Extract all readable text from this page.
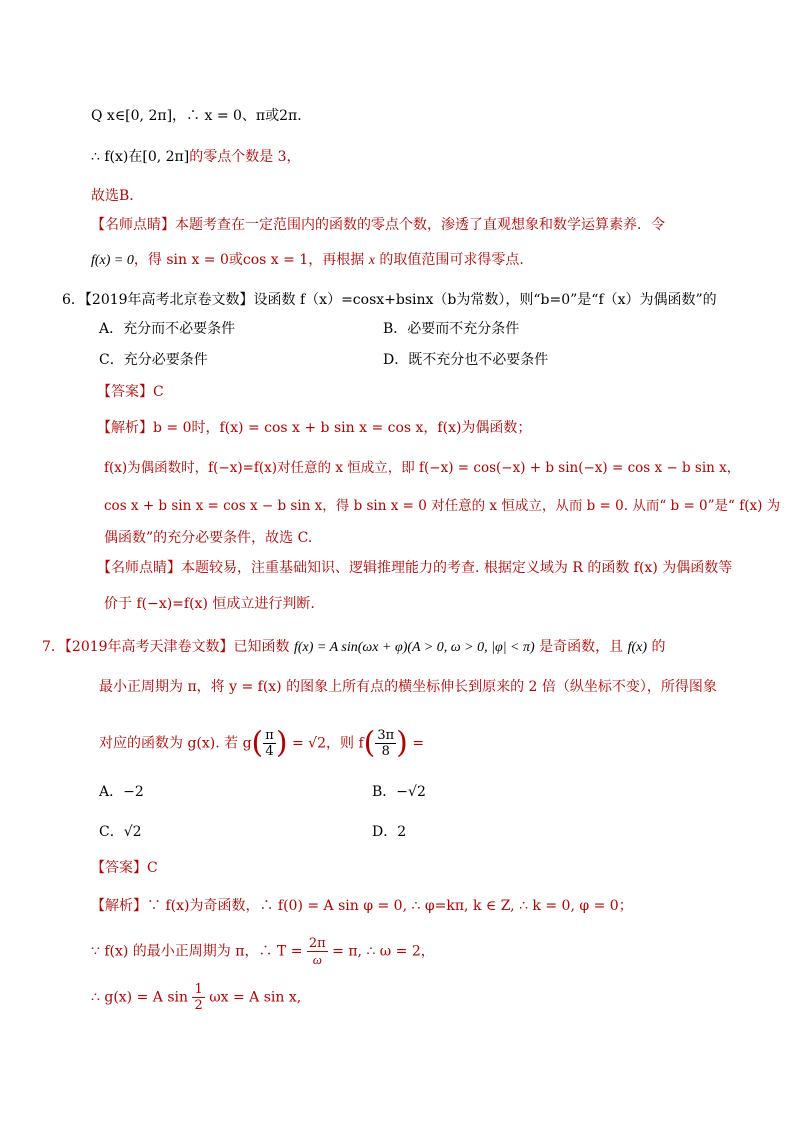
Q x∈[0, 2π]，∴ x = 0、π或2π．
∴ f(x)在[0, 2π]的零点个数是 3，
故选B．
【名师点睛】本题考查在一定范围内的函数的零点个数，渗透了直观想象和数学运算素养．令
f(x) = 0，得 sin x = 0或cos x = 1，再根据 x 的取值范围可求得零点.
6．【2019年高考北京卷文数】设函数 f（x）=cosx+bsinx（b为常数），则“b=0”是“f（x）为偶函数”的
A．充分而不必要条件	B．必要而不充分条件
C．充分必要条件	D．既不充分也不必要条件
【答案】C
【解析】b = 0时，f(x) = cos x + b sin x = cos x，f(x)为偶函数；
f(x)为偶函数时，f(−x)=f(x)对任意的 x 恒成立，即 f(−x) = cos(−x) + b sin(−x) = cos x − b sin x，
cos x + b sin x = cos x − b sin x，得 b sin x = 0 对任意的 x 恒成立，从而 b = 0. 从而“ b = 0”是“ f(x) 为
偶函数”的充分必要条件，故选 C.
【名师点睛】本题较易，注重基础知识、逻辑推理能力的考查. 根据定义域为 R 的函数 f(x) 为偶函数等
价于 f(−x)=f(x) 恒成立进行判断.
7．【2019年高考天津卷文数】已知函数 f(x) = A sin(ωx + φ)(A > 0, ω > 0, |φ| < π) 是奇函数，且 f(x) 的
最小正周期为 π，将 y = f(x) 的图象上所有点的横坐标伸长到原来的 2 倍（纵坐标不变），所得图象
对应的函数为 g(x). 若 $g( \frac{\pi}{4}$ ) = √2，则 $f( \frac{3\pi}{8}$ ) =
A．−2	B．−√2
C．√2	D．2
【答案】C
【解析】∵ f(x)为奇函数，∴ f(0) = A sin φ = 0, ∴ φ=kπ, k ∈ Z, ∴ k = 0, φ = 0；
∵ f(x) 的最小正周期为 π，∴ $T = \frac{2\pi}{\omega} = \pi$, ∴ ω = 2，
∴ g(x) = A $\sin \frac{1}{2}$ ωx = A sin x,
